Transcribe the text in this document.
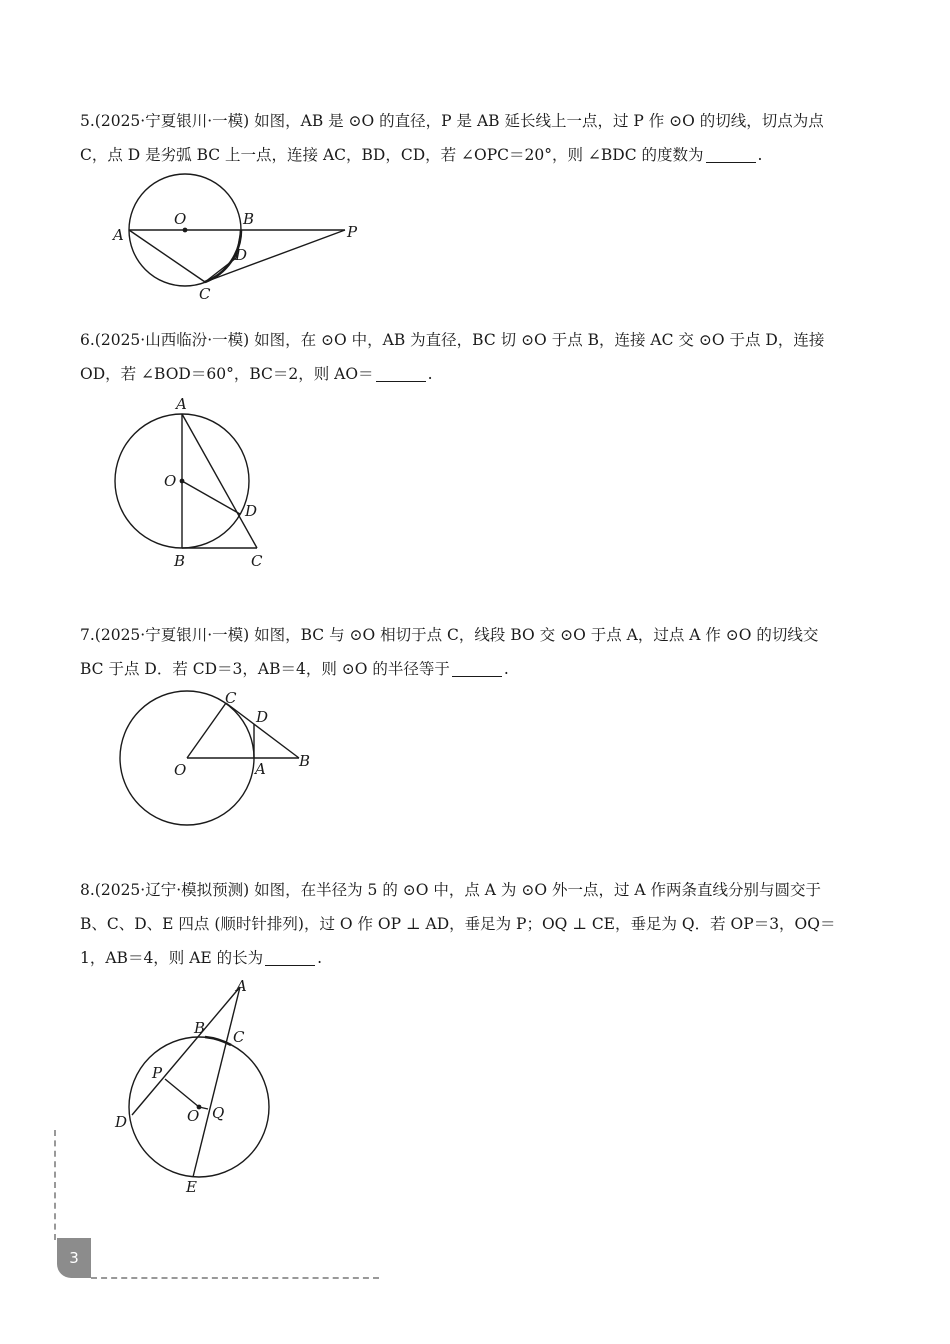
5.(2025·宁夏银川·一模) 如图，AB 是 ⊙O 的直径，P 是 AB 延长线上一点，过 P 作 ⊙O 的切线，切点为点

C，点 D 是劣弧 BC 上一点，连接 AC，BD，CD，若 ∠OPC＝20°，则 ∠BDC 的度数为	.

A
O	B
P
D
C

6.(2025·山西临汾·一模) 如图，在 ⊙O 中，AB 为直径，BC 切 ⊙O 于点 B，连接 AC 交 ⊙O 于点 D，连接

OD，若 ∠BOD＝60°，BC＝2，则 AO＝	.

A
O
D
B	C

7.(2025·宁夏银川·一模) 如图，BC 与 ⊙O 相切于点 C，线段 BO 交 ⊙O 于点 A，过点 A 作 ⊙O 的切线交

BC 于点 D．若 CD＝3，AB＝4，则 ⊙O 的半径等于	.

C
D
O	A B

8.(2025·辽宁·模拟预测) 如图，在半径为 5 的 ⊙O 中，点 A 为 ⊙O 外一点，过 A 作两条直线分别与圆交于

B、C、D、E 四点 (顺时针排列)，过 O 作 OP ⊥ AD，垂足为 P；OQ ⊥ CE，垂足为 Q．若 OP＝3，OQ＝

1，AB＝4，则 AE 的长为	.

A
B C
P
O Q
D
E
3
